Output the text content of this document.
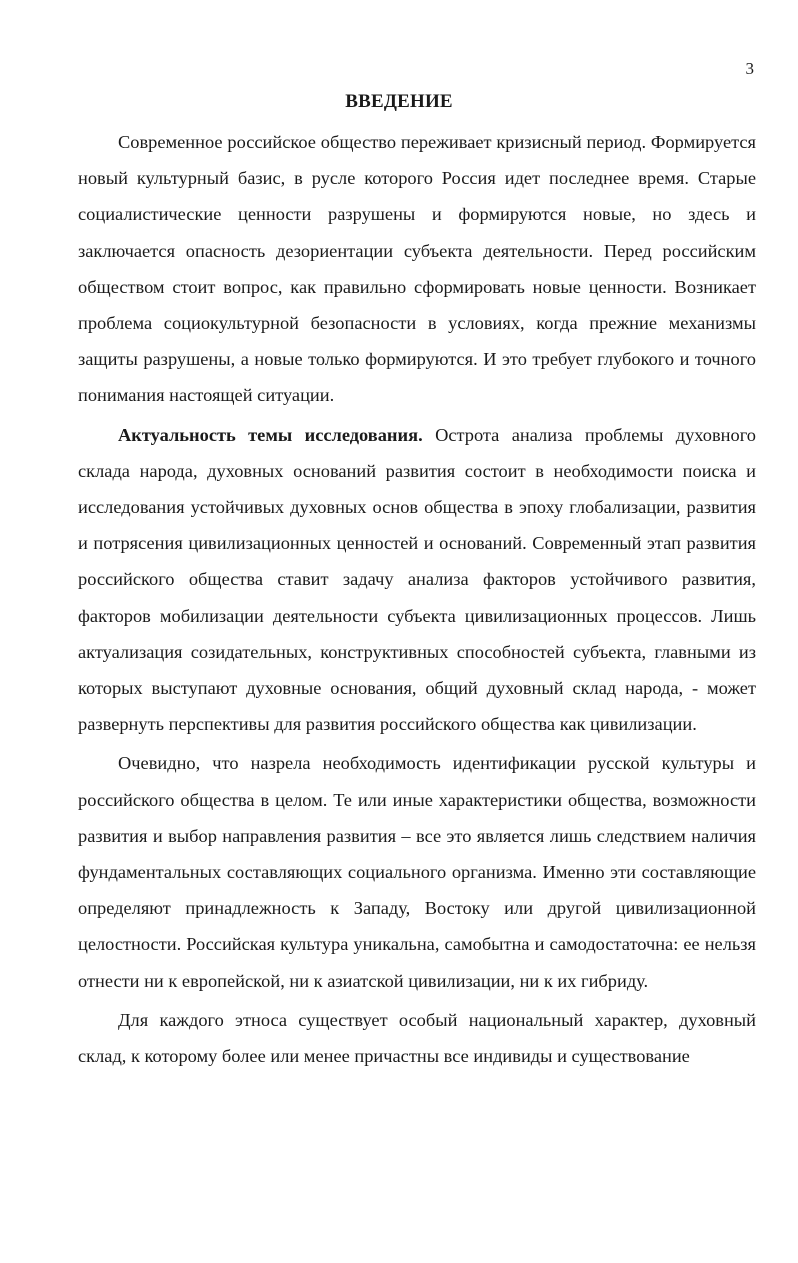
3
ВВЕДЕНИЕ

Современное российское общество переживает кризисный период. Формируется новый культурный базис, в русле которого Россия идет последнее время. Старые социалистические ценности разрушены и формируются новые, но здесь и заключается опасность дезориентации субъекта деятельности. Перед российским обществом стоит вопрос, как правильно сформировать новые ценности. Возникает проблема социокультурной безопасности в условиях, когда прежние механизмы защиты разрушены, а новые только формируются. И это требует глубокого и точного понимания настоящей ситуации.

Актуальность темы исследования. Острота анализа проблемы духовного склада народа, духовных оснований развития состоит в необходимости поиска и исследования устойчивых духовных основ общества в эпоху глобализации, развития и потрясения цивилизационных ценностей и оснований. Современный этап развития российского общества ставит задачу анализа факторов устойчивого развития, факторов мобилизации деятельности субъекта цивилизационных процессов. Лишь актуализация созидательных, конструктивных способностей субъекта, главными из которых выступают духовные основания, общий духовный склад народа, - может развернуть перспективы для развития российского общества как цивилизации.

Очевидно, что назрела необходимость идентификации русской культуры и российского общества в целом. Те или иные характеристики общества, возможности развития и выбор направления развития – все это является лишь следствием наличия фундаментальных составляющих социального организма. Именно эти составляющие определяют принадлежность к Западу, Востоку или другой цивилизационной целостности. Российская культура уникальна, самобытна и самодостаточна: ее нельзя отнести ни к европейской, ни к азиатской цивилизации, ни к их гибриду.

Для каждого этноса существует особый национальный характер, духовный склад, к которому более или менее причастны все индивиды и существование
